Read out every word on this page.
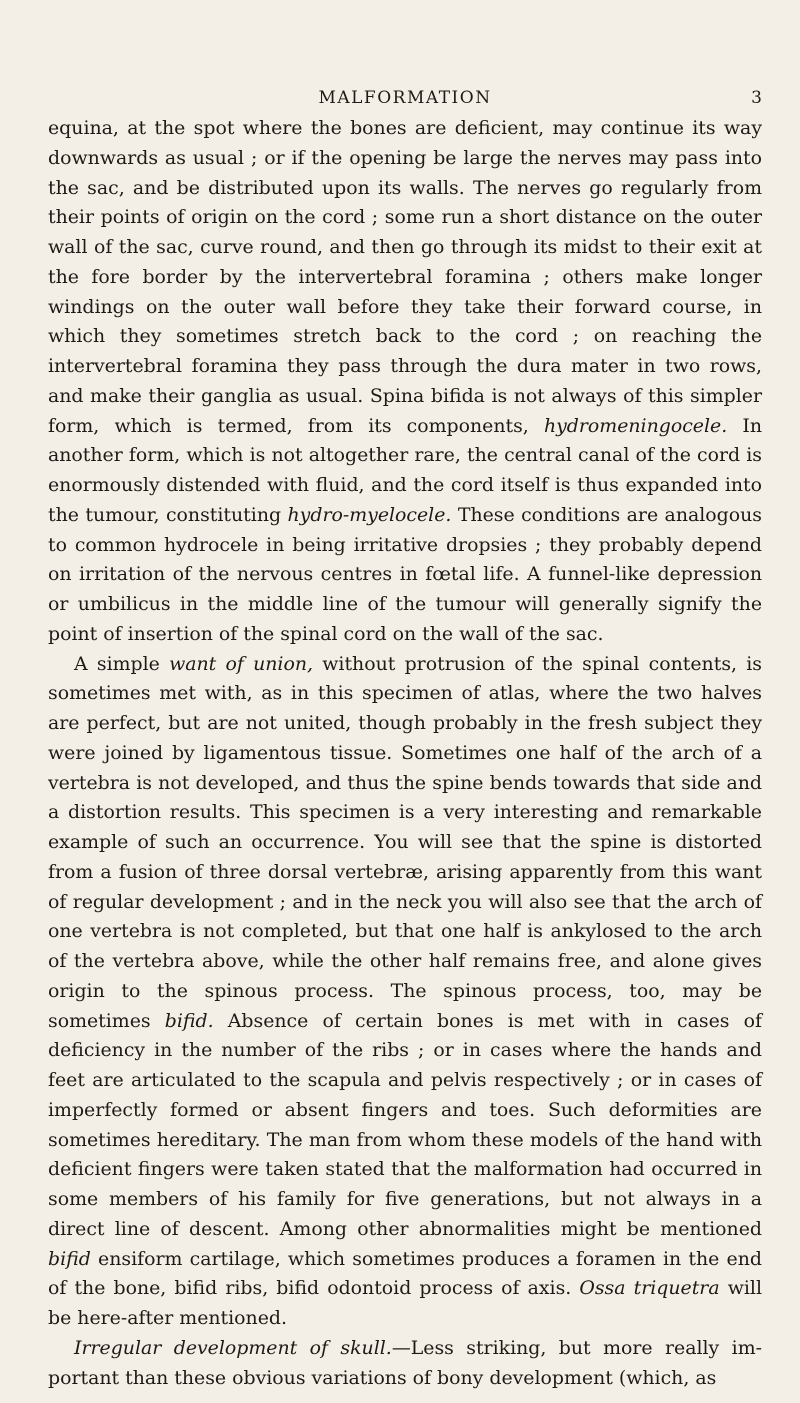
MALFORMATION	3

equina, at the spot where the bones are deficient, may continue its way downwards as usual ; or if the opening be large the nerves may pass into the sac, and be distributed upon its walls. The nerves go regularly from their points of origin on the cord ; some run a short distance on the outer wall of the sac, curve round, and then go through its midst to their exit at the fore border by the intervertebral foramina ; others make longer windings on the outer wall before they take their forward course, in which they sometimes stretch back to the cord ; on reaching the intervertebral foramina they pass through the dura mater in two rows, and make their ganglia as usual. Spina bifida is not always of this simpler form, which is termed, from its components, hydromeningocele. In another form, which is not altogether rare, the central canal of the cord is enormously distended with fluid, and the cord itself is thus expanded into the tumour, constituting hydro-myelocele. These conditions are analogous to common hydrocele in being irritative dropsies ; they probably depend on irritation of the nervous centres in fœtal life. A funnel-like depression or umbilicus in the middle line of the tumour will generally signify the point of insertion of the spinal cord on the wall of the sac.

A simple want of union, without protrusion of the spinal contents, is sometimes met with, as in this specimen of atlas, where the two halves are perfect, but are not united, though probably in the fresh subject they were joined by ligamentous tissue. Sometimes one half of the arch of a vertebra is not developed, and thus the spine bends towards that side and a distortion results. This specimen is a very interesting and remarkable example of such an occurrence. You will see that the spine is distorted from a fusion of three dorsal vertebræ, arising apparently from this want of regular development ; and in the neck you will also see that the arch of one vertebra is not completed, but that one half is ankylosed to the arch of the vertebra above, while the other half remains free, and alone gives origin to the spinous process. The spinous process, too, may be sometimes bifid. Absence of certain bones is met with in cases of deficiency in the number of the ribs ; or in cases where the hands and feet are articulated to the scapula and pelvis respectively ; or in cases of imperfectly formed or absent fingers and toes. Such deformities are sometimes hereditary. The man from whom these models of the hand with deficient fingers were taken stated that the malformation had occurred in some members of his family for five generations, but not always in a direct line of descent. Among other abnormalities might be mentioned bifid ensiform cartilage, which sometimes produces a foramen in the end of the bone, bifid ribs, bifid odontoid process of axis. Ossa triquetra will be here-after mentioned.

Irregular development of skull.—Less striking, but more really im-portant than these obvious variations of bony development (which, as
